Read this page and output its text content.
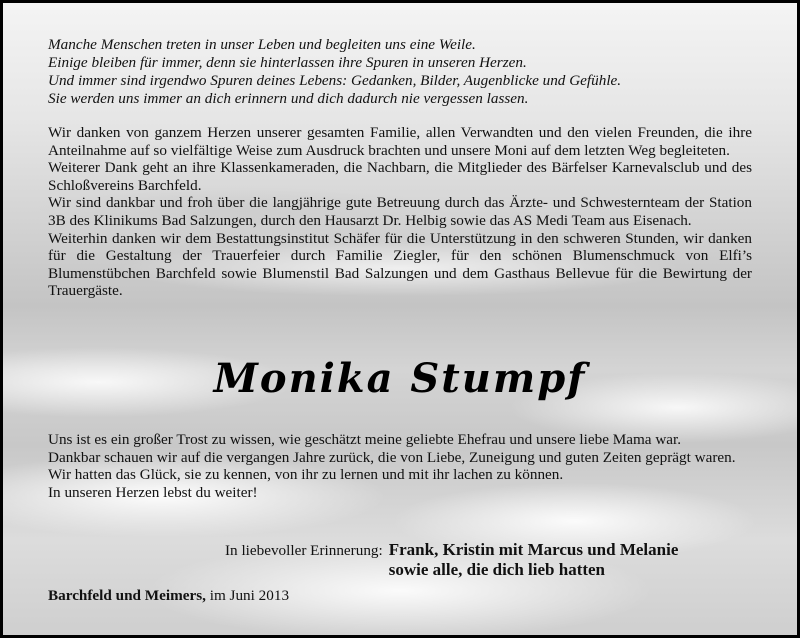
Manche Menschen treten in unser Leben und begleiten uns eine Weile.
Einige bleiben für immer, denn sie hinterlassen ihre Spuren in unseren Herzen.
Und immer sind irgendwo Spuren deines Lebens: Gedanken, Bilder, Augenblicke und Gefühle.
Sie werden uns immer an dich erinnern und dich dadurch nie vergessen lassen.

Wir danken von ganzem Herzen unserer gesamten Familie, allen Verwandten und den vielen Freunden, die ihre Anteilnahme auf so vielfältige Weise zum Ausdruck brachten und unsere Moni auf dem letzten Weg begleiteten.

Weiterer Dank geht an ihre Klassenkameraden, die Nachbarn, die Mitglieder des Bärfelser Karnevalsclub und des Schloßvereins Barchfeld.

Wir sind dankbar und froh über die langjährige gute Betreuung durch das Ärzte- und Schwesternteam der Station 3B des Klinikums Bad Salzungen, durch den Hausarzt Dr. Helbig sowie das AS Medi Team aus Eisenach.

Weiterhin danken wir dem Bestattungsinstitut Schäfer für die Unterstützung in den schweren Stunden, wir danken für die Gestaltung der Trauerfeier durch Familie Ziegler, für den schönen Blumenschmuck von Elfi’s Blumenstübchen Barchfeld sowie Blumenstil Bad Salzungen und dem Gasthaus Bellevue für die Bewirtung der Trauergäste.

Monika Stumpf

Uns ist es ein großer Trost zu wissen, wie geschätzt meine geliebte Ehefrau und unsere liebe Mama war.

Dankbar schauen wir auf die vergangen Jahre zurück, die von Liebe, Zuneigung und guten Zeiten geprägt waren.

Wir hatten das Glück, sie zu kennen, von ihr zu lernen und mit ihr lachen zu können.

In unseren Herzen lebst du weiter!

In liebevoller Erinnerung: Frank, Kristin mit Marcus und Melanie
sowie alle, die dich lieb hatten
Barchfeld und Meimers, im Juni 2013
